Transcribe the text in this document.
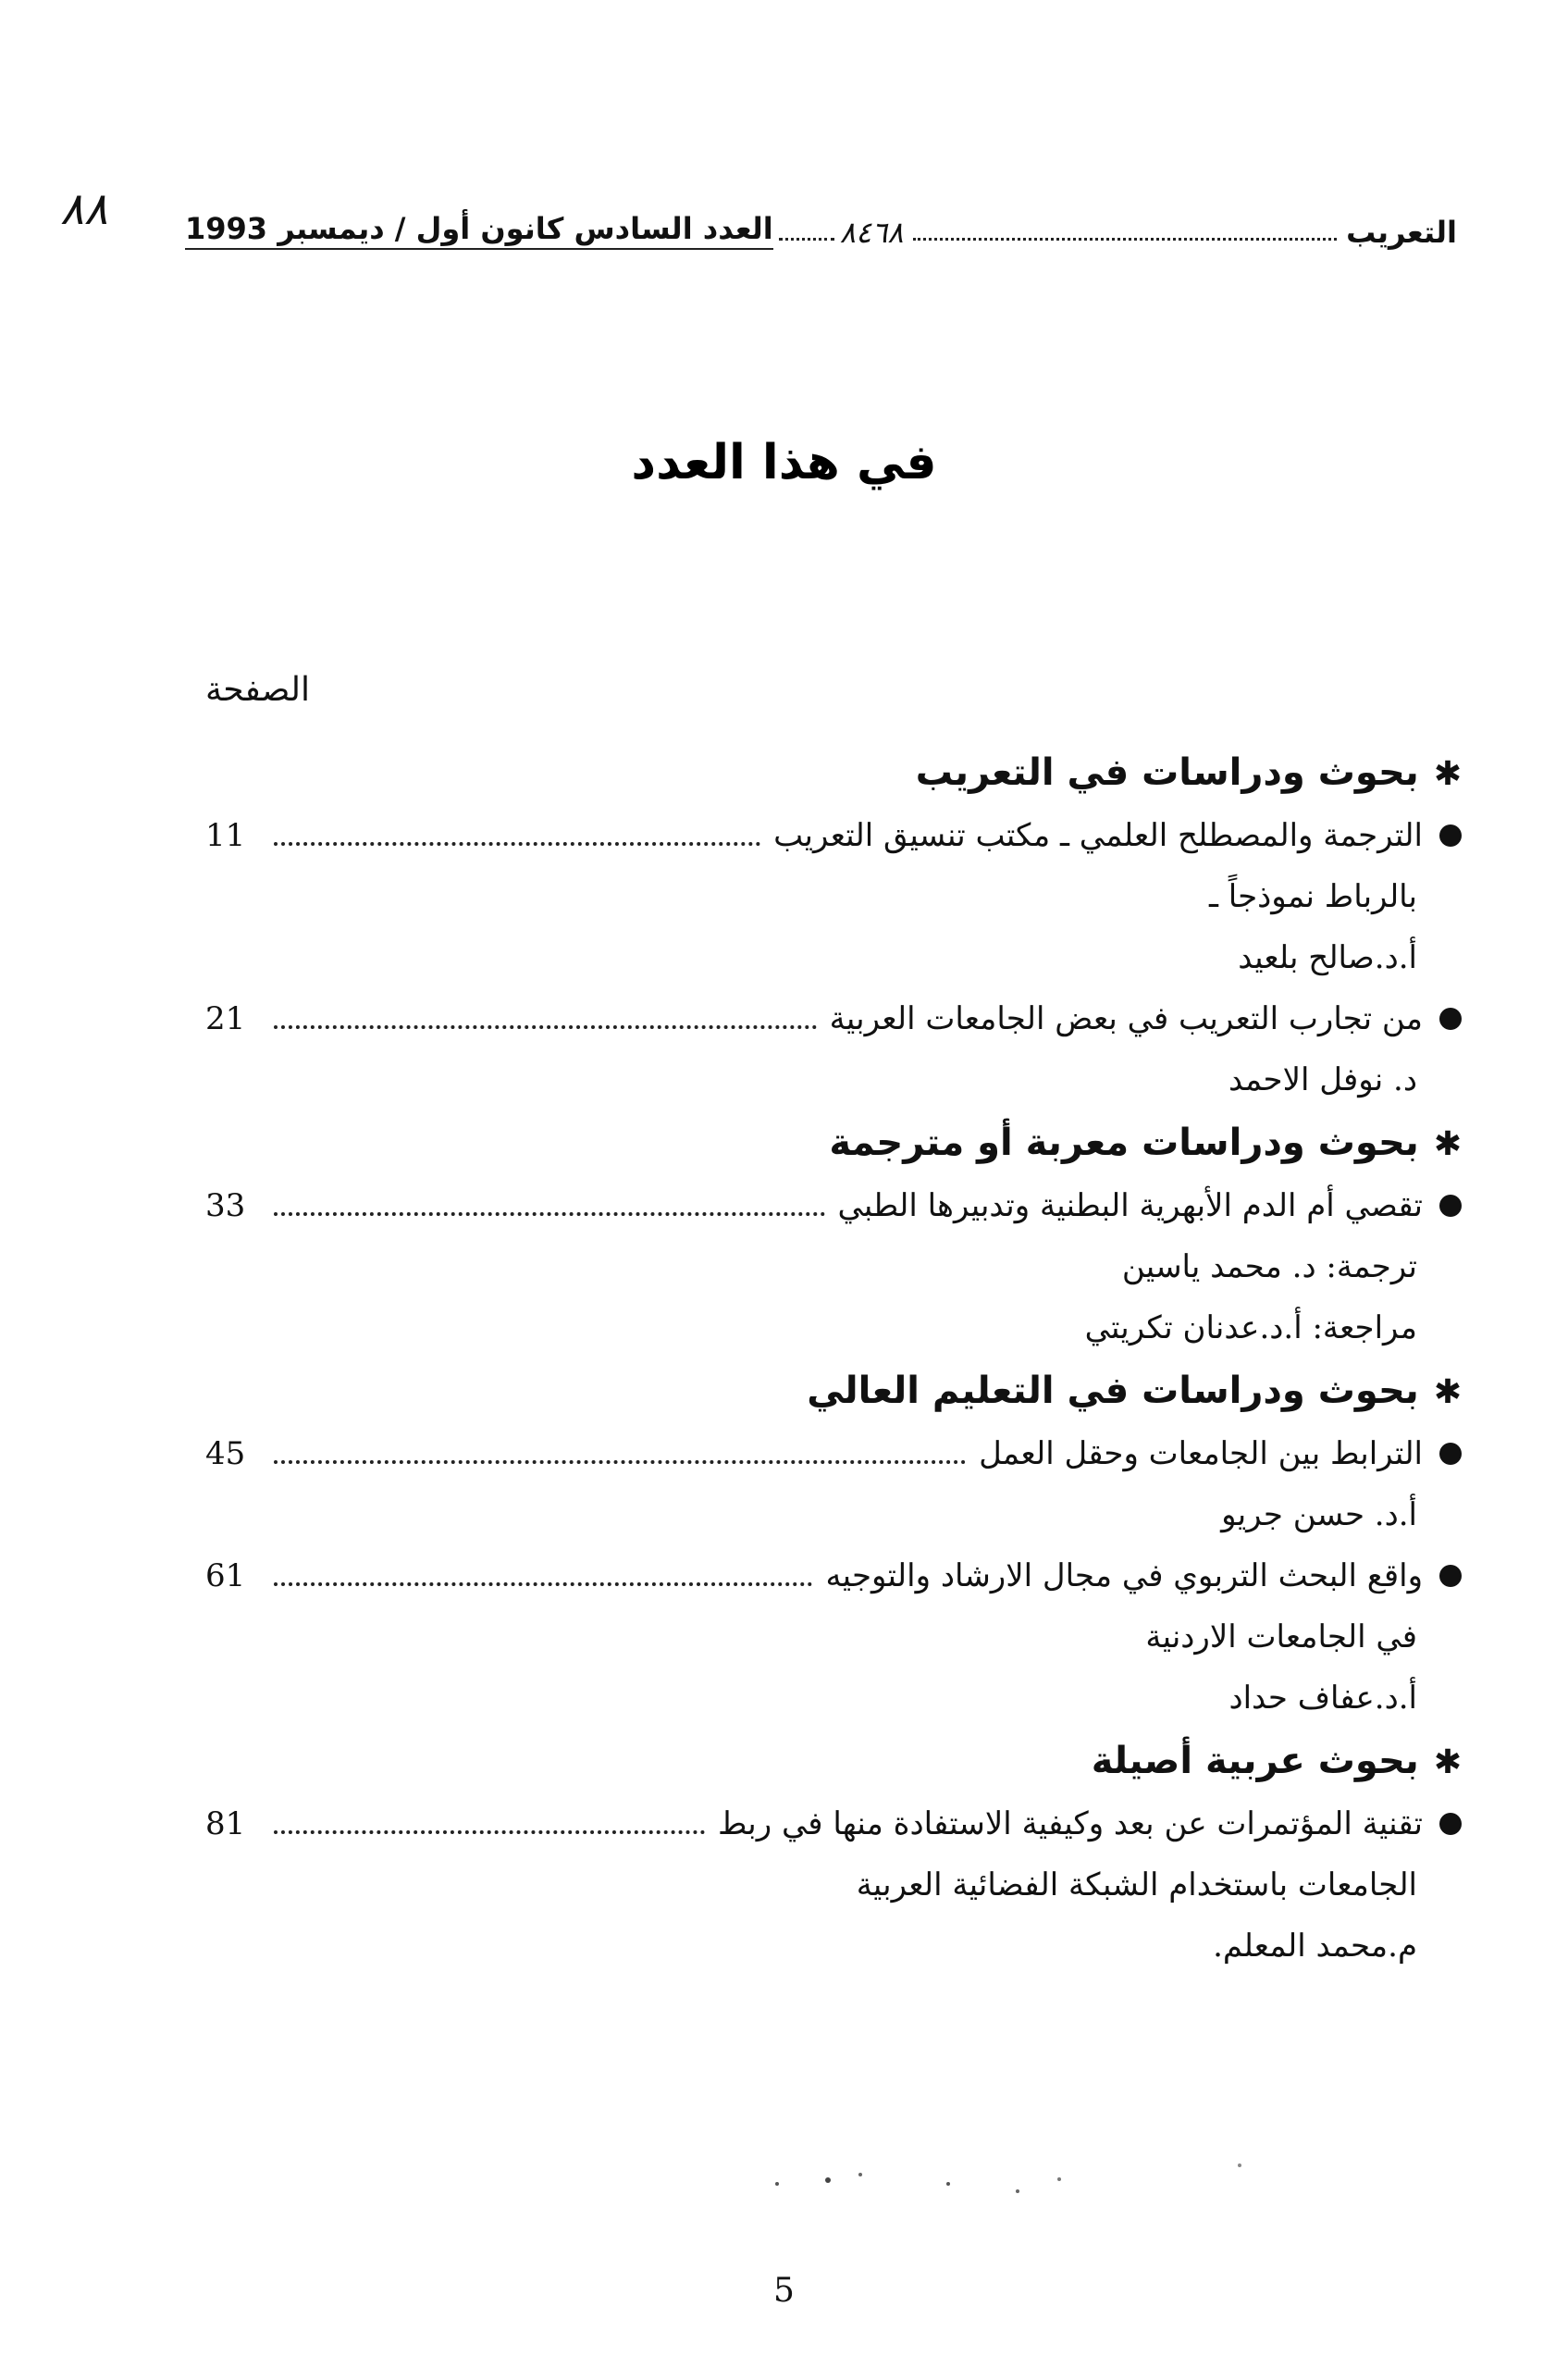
٨٨	التعريب
٨٤٦٨
العدد السادس كانون أول / ديمسبر 1993
في هذا العدد
الصفحة
✱بحوث ودراسات في التعريب
الترجمة والمصطلح العلمي ـ مكتب تنسيق التعريب
11
بالرباط نموذجاً ـ
أ.د.صالح بلعيد
من تجارب التعريب في بعض الجامعات العربية
21
د. نوفل الاحمد
✱بحوث ودراسات معربة أو مترجمة
تقصي أم الدم الأبهرية البطنية وتدبيرها الطبي
33
ترجمة: د. محمد ياسين
مراجعة: أ.د.عدنان تكريتي
✱بحوث ودراسات في التعليم العالي
الترابط بين الجامعات وحقل العمل
45
أ.د. حسن جريو
واقع البحث التربوي في مجال الارشاد والتوجيه
61
في الجامعات الاردنية
أ.د.عفاف حداد
✱بحوث عربية أصيلة
تقنية المؤتمرات عن بعد وكيفية الاستفادة منها في ربط
81
الجامعات باستخدام الشبكة الفضائية العربية
م.محمد المعلم.
5
